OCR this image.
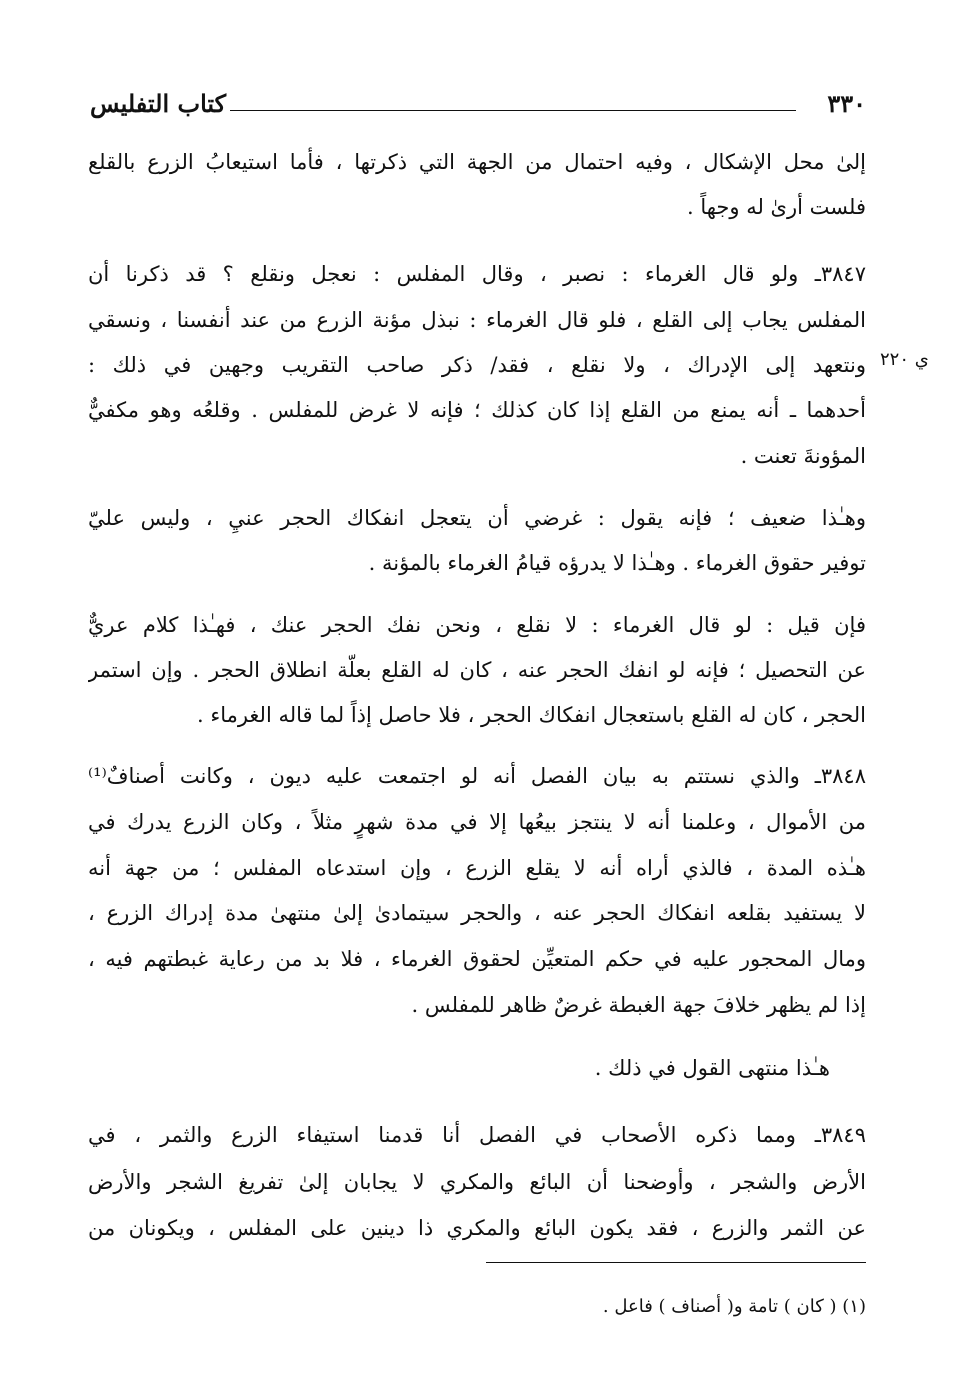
٣٣٠
كتاب التفليس
ي ٢٢٠
إلىٰ محل الإشكال ، وفيه احتمال من الجهة التي ذكرتها ، فأما استيعابُ الزرع بالقلع
فلست أرىٰ له وجهاً .
٣٨٤٧ـ ولو قال الغرماء : نصبر ، وقال المفلس : نعجل ونقلع ؟ قد ذكرنا أن
المفلس يجاب إلى القلع ، فلو قال الغرماء : نبذل مؤنة الزرع من عند أنفسنا ، ونسقي
ونتعهد إلى الإدراك ، ولا نقلع ، فقد/ ذكر صاحب التقريب وجهين في ذلك :
أحدهما ـ أنه يمنع من القلع إذا كان كذلك ؛ فإنه لا غرض للمفلس . وقلعُه وهو مكفيٌّ
المؤونةَ تعنت .
وهـٰذا ضعيف ؛ فإنه يقول : غرضي أن يتعجل انفكاك الحجر عنيِ ، وليس عليّ
توفير حقوق الغرماء . وهـٰذا لا يدرؤه قيامُ الغرماء بالمؤنة .
فإن قيل : لو قال الغرماء : لا نقلع ، ونحن نفك الحجر عنك ، فهـٰذا كلام عريٌّ
عن التحصيل ؛ فإنه لو انفك الحجر عنه ، كان له القلع بعلّة انطلاق الحجر . وإن استمر
الحجر ، كان له القلع باستعجال انفكاك الحجر ، فلا حاصل إذاً لما قاله الغرماء .
٣٨٤٨ـ والذي نستتم به بيان الفصل أنه لو اجتمعت عليه ديون ، وكانت أصنافٌ⁽¹⁾
من الأموال ، وعلمنا أنه لا ينتجز بيعُها إلا في مدة شهرٍ مثلاً ، وكان الزرع يدرك في
هـٰذه المدة ، فالذي أراه أنه لا يقلع الزرع ، وإن استدعاه المفلس ؛ من جهة أنه
لا يستفيد بقلعه انفكاك الحجر عنه ، والحجر سيتمادىٰ إلىٰ منتهىٰ مدة إدراك الزرع ،
ومال المحجور عليه في حكم المتعيِّن لحقوق الغرماء ، فلا بد من رعاية غبطتهم فيه ،
إذا لم يظهر خلافَ جهة الغبطة غرضٌ ظاهر للمفلس .
هـٰذا منتهى القول في ذلك .
٣٨٤٩ـ ومما ذكره الأصحاب في الفصل أنا قدمنا استيفاء الزرع والثمر ، في
الأرض والشجر ، وأوضحنا أن البائع والمكري لا يجابان إلىٰ تفريغ الشجر والأرض
عن الثمر والزرع ، فقد يكون البائع والمكري ذا دينين على المفلس ، ويكونان من
(١) ( كان ) تامة و( أصناف ) فاعل .
